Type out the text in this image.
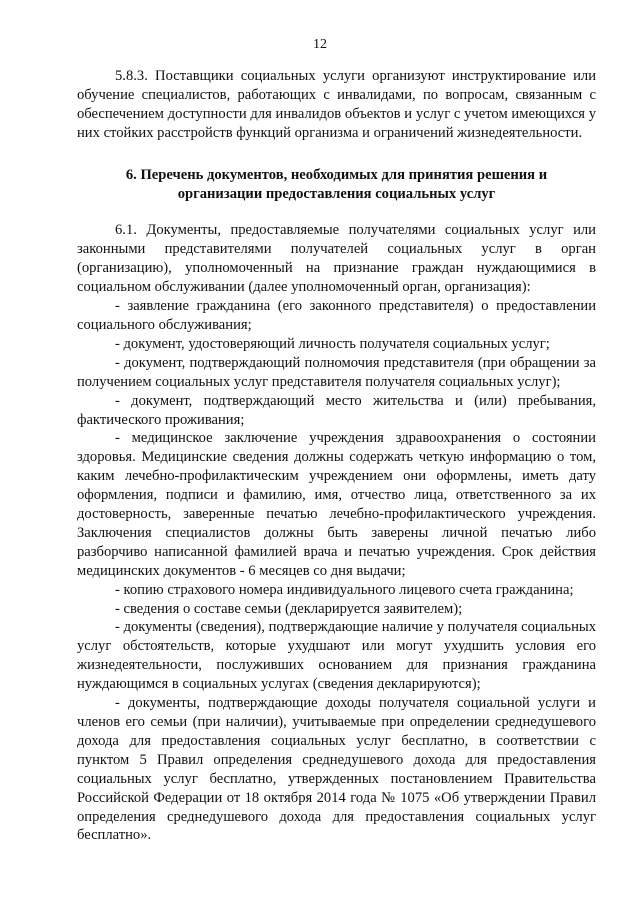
12

5.8.3. Поставщики социальных услуги организуют инструктирование или обучение специалистов, работающих с инвалидами, по вопросам, связанным с обеспечением доступности для инвалидов объектов и услуг с учетом имеющихся у них стойких расстройств функций организма и ограничений жизнедеятельности.

6. Перечень документов, необходимых для принятия решения и организации предоставления социальных услуг

6.1. Документы, предоставляемые получателями социальных услуг или законными представителями получателей социальных услуг в орган (организацию), уполномоченный на признание граждан нуждающимися в социальном обслуживании (далее уполномоченный орган, организация):

- заявление гражданина (его законного представителя) о предоставлении социального обслуживания;

- документ, удостоверяющий личность получателя социальных услуг;

- документ, подтверждающий полномочия представителя (при обращении за получением социальных услуг представителя получателя социальных услуг);

- документ, подтверждающий место жительства и (или) пребывания, фактического проживания;

- медицинское заключение учреждения здравоохранения о состоянии здоровья. Медицинские сведения должны содержать четкую информацию о том, каким лечебно-профилактическим учреждением они оформлены, иметь дату оформления, подписи и фамилию, имя, отчество лица, ответственного за их достоверность, заверенные печатью лечебно-профилактического учреждения. Заключения специалистов должны быть заверены личной печатью либо разборчиво написанной фамилией врача и печатью учреждения. Срок действия медицинских документов - 6 месяцев со дня выдачи;

- копию страхового номера индивидуального лицевого счета гражданина;

- сведения о составе семьи (декларируется заявителем);

- документы (сведения), подтверждающие наличие у получателя социальных услуг обстоятельств, которые ухудшают или могут ухудшить условия его жизнедеятельности, послуживших основанием для признания гражданина нуждающимся в социальных услугах (сведения декларируются);

- документы, подтверждающие доходы получателя социальной услуги и членов его семьи (при наличии), учитываемые при определении среднедушевого дохода для предоставления социальных услуг бесплатно, в соответствии с пунктом 5 Правил определения среднедушевого дохода для предоставления социальных услуг бесплатно, утвержденных постановлением Правительства Российской Федерации от 18 октября 2014 года № 1075 «Об утверждении Правил определения среднедушевого дохода для предоставления социальных услуг бесплатно».
